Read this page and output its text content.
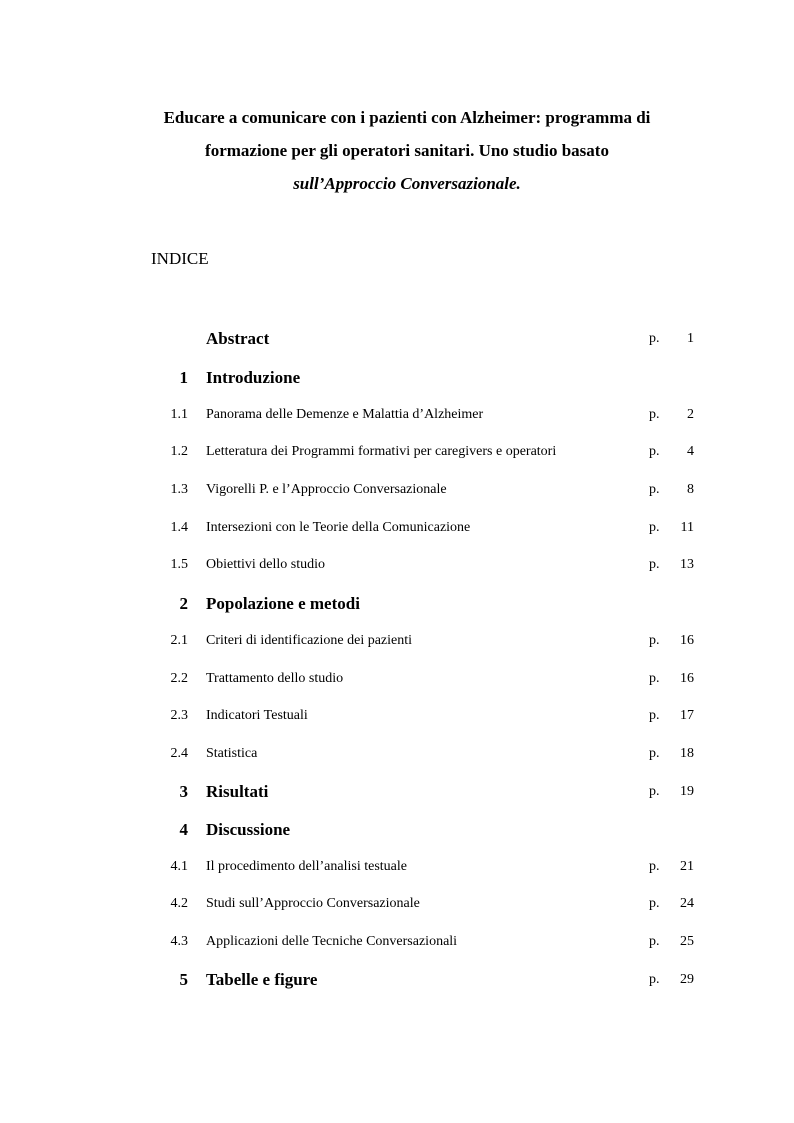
Educare a comunicare con i pazienti con Alzheimer: programma di
formazione per gli operatori sanitari. Uno studio basato
sull’Approccio Conversazionale.
INDICE
Abstract	p.	1
1 Introduzione
1.1 Panorama delle Demenze e Malattia d’Alzheimer	p.	2
1.2 Letteratura dei Programmi formativi per caregivers e operatori	p.	4
1.3 Vigorelli P. e l’Approccio Conversazionale	p.	8
1.4 Intersezioni con le Teorie della Comunicazione	p.	11
1.5 Obiettivi dello studio	p.	13
2 Popolazione e metodi
2.1 Criteri di identificazione dei pazienti	p.	16
2.2 Trattamento dello studio	p.	16
2.3 Indicatori Testuali	p.	17
2.4 Statistica	p.	18
3 Risultati	p.	19
4 Discussione
4.1 Il procedimento dell’analisi testuale	p.	21
4.2 Studi sull’Approccio Conversazionale	p.	24
4.3 Applicazioni delle Tecniche Conversazionali	p.	25
5 Tabelle e figure	p.	29
